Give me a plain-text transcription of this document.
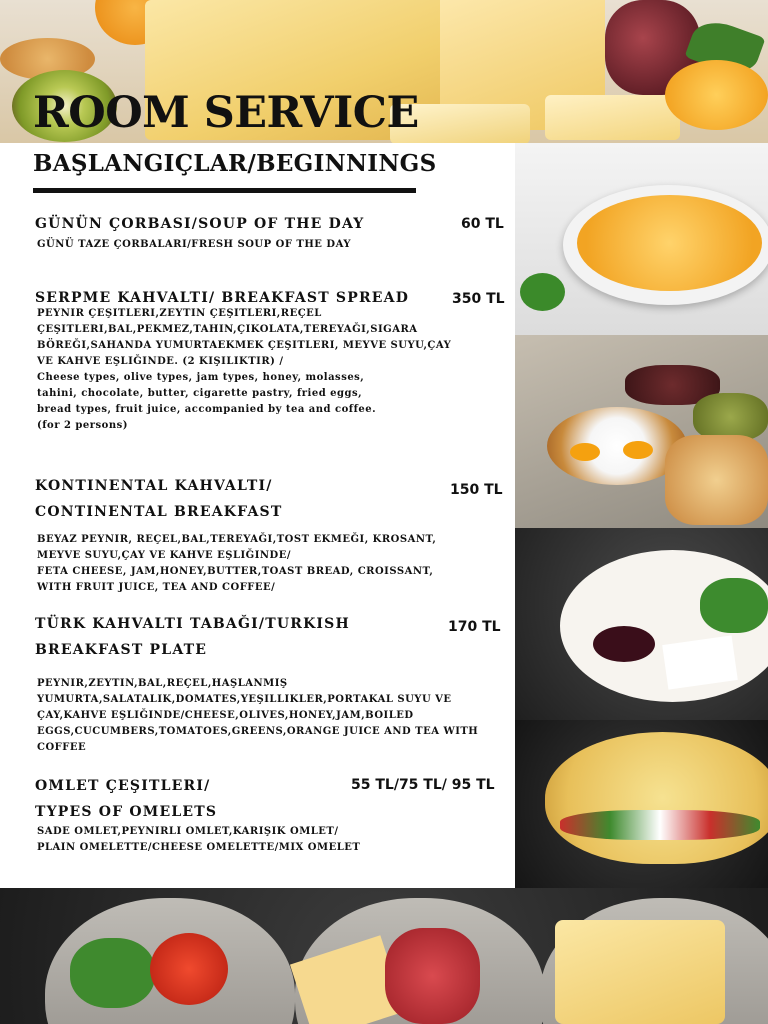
ROOM SERVICE
BAŞLANGIÇLAR/BEGINNINGS
GÜNÜN ÇORBASI/SOUP OF THE DAY	60 TL
GÜNÜ TAZE ÇORBALARI/FRESH SOUP OF THE DAY
SERPME KAHVALTI/ BREAKFAST SPREAD	350 TL
PEYNIR ÇEŞITLERI,ZEYTIN ÇEŞITLERI,REÇEL
ÇEŞITLERI,BAL,PEKMEZ,TAHIN,ÇIKOLATA,TEREYAĞI,SIGARA
BÖREĞI,SAHANDA YUMURTAEKMEK ÇEŞITLERI, MEYVE SUYU,ÇAY
VE KAHVE EŞLIĞINDE. (2 KIŞILIKTIR) /
Cheese types, olive types, jam types, honey, molasses,
tahini, chocolate, butter, cigarette pastry, fried eggs,
bread types, fruit juice, accompanied by tea and coffee.
(for 2 persons)
KONTINENTAL KAHVALTI/
CONTINENTAL BREAKFAST
150 TL
BEYAZ PEYNIR, REÇEL,BAL,TEREYAĞI,TOST EKMEĞI, KROSANT,
MEYVE SUYU,ÇAY VE KAHVE EŞLIĞINDE/
FETA CHEESE, JAM,HONEY,BUTTER,TOAST BREAD, CROISSANT,
WITH FRUIT JUICE, TEA AND COFFEE/
TÜRK KAHVALTI TABAĞI/TURKISH
BREAKFAST PLATE
170 TL
PEYNIR,ZEYTIN,BAL,REÇEL,HAŞLANMIŞ
YUMURTA,SALATALIK,DOMATES,YEŞILLIKLER,PORTAKAL SUYU VE
ÇAY,KAHVE EŞLIĞINDE/CHEESE,OLIVES,HONEY,JAM,BOILED
EGGS,CUCUMBERS,TOMATOES,GREENS,ORANGE JUICE AND TEA WITH
COFFEE
OMLET ÇEŞITLERI/
TYPES OF OMELETS
55 TL/75 TL/ 95 TL
SADE OMLET,PEYNIRLI OMLET,KARIŞIK OMLET/
PLAIN OMELETTE/CHEESE OMELETTE/MIX OMELET
